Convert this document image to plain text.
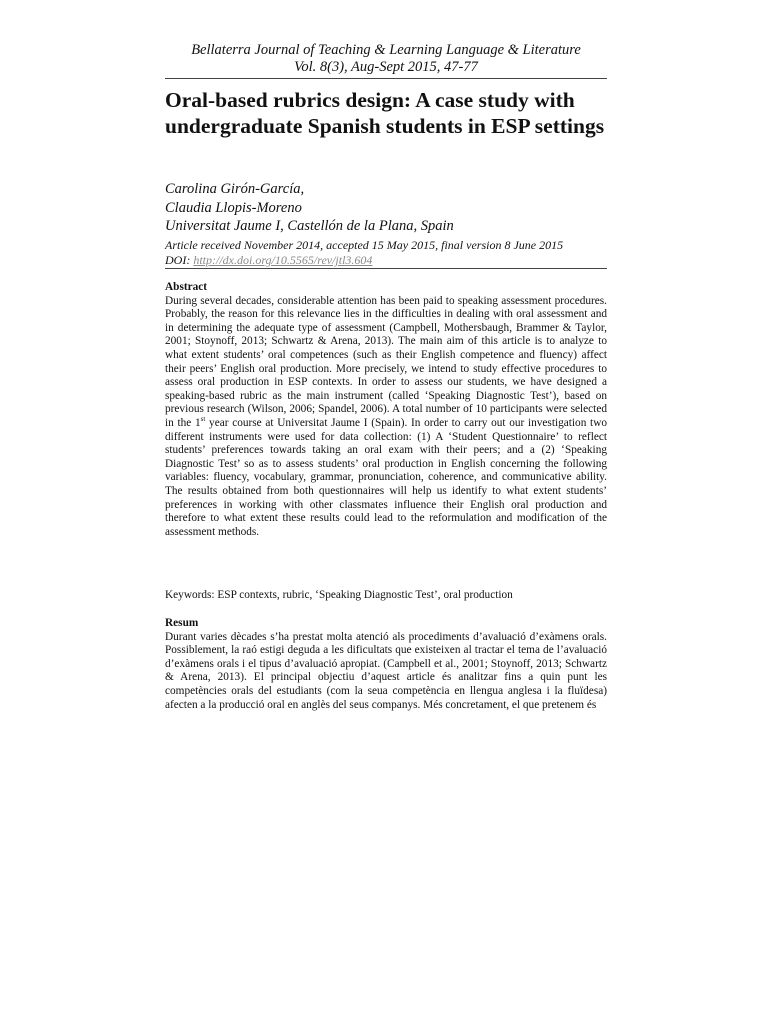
Bellaterra Journal of Teaching & Learning Language & Literature
Vol. 8(3), Aug-Sept 2015, 47-77
Oral-based rubrics design: A case study with undergraduate Spanish students in ESP settings
Carolina Girón-García,
Claudia Llopis-Moreno
Universitat Jaume I, Castellón de la Plana, Spain
Article received November 2014, accepted 15 May 2015, final version 8 June 2015
DOI: http://dx.doi.org/10.5565/rev/jtl3.604
Abstract

During several decades, considerable attention has been paid to speaking assessment procedures. Probably, the reason for this relevance lies in the difficulties in dealing with oral assessment and in determining the adequate type of assessment (Campbell, Mothersbaugh, Brammer & Taylor, 2001; Stoynoff, 2013; Schwartz & Arena, 2013). The main aim of this article is to analyze to what extent students’ oral competences (such as their English competence and fluency) affect their peers’ English oral production. More precisely, we intend to study effective procedures to assess oral production in ESP contexts. In order to assess our students, we have designed a speaking-based rubric as the main instrument (called ‘Speaking Diagnostic Test’), based on previous research (Wilson, 2006; Spandel, 2006). A total number of 10 participants were selected in the 1st year course at Universitat Jaume I (Spain). In order to carry out our investigation two different instruments were used for data collection: (1) A ‘Student Questionnaire’ to reflect students’ preferences towards taking an oral exam with their peers; and a (2) ‘Speaking Diagnostic Test’ so as to assess students’ oral production in English concerning the following variables: fluency, vocabulary, grammar, pronunciation, coherence, and communicative ability. The results obtained from both questionnaires will help us identify to what extent students’ preferences in working with other classmates influence their English oral production and therefore to what extent these results could lead to the reformulation and modification of the assessment methods.

Keywords: ESP contexts, rubric, ‘Speaking Diagnostic Test’, oral production
Resum

Durant varies dècades s’ha prestat molta atenció als procediments d’avaluació d’exàmens orals. Possiblement, la raó estigi deguda a les dificultats que existeixen al tractar el tema de l’avaluació d’exàmens orals i el tipus d’avaluació apropiat. (Campbell et al., 2001; Stoynoff, 2013; Schwartz & Arena, 2013). El principal objectiu d’aquest article és analitzar fins a quin punt les competències orals del estudiants (com la seua competència en llengua anglesa i la fluïdesa) afecten a la producció oral en anglès del seus companys. Més concretament, el que pretenem és
